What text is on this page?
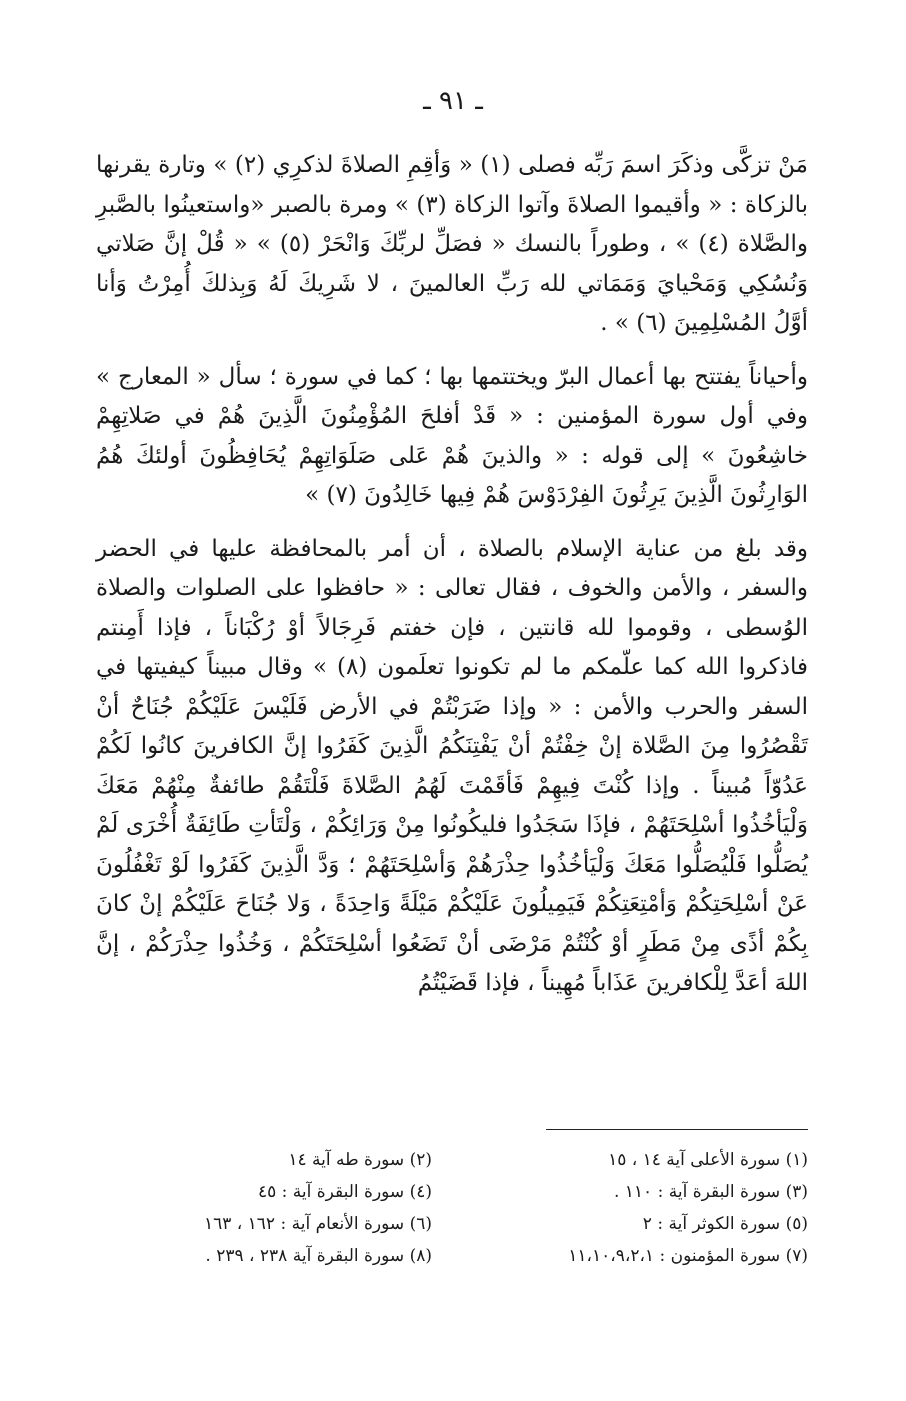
ـ ٩١ ـ

مَنْ تزكَّى وذكَرَ اسمَ رَبِّه فصلى (١) « وَأقِمِ الصلاةَ لذكرِي (٢) » وتارة يقرنها بالزكاة : « وأقيموا الصلاةَ وآتوا الزكاة (٣) » ومرة بالصبر «واستعينُوا بالصَّبرِ والصَّلاة (٤) » ، وطوراً بالنسك « فصَلِّ لربِّكَ وَانْحَرْ (٥) » « قُلْ إنَّ صَلاتي وَنُسُكِي وَمَحْيايَ وَمَمَاتي لله رَبِّ العالمينَ ، لا شَرِيكَ لَهُ وَبِذلكَ أُمِرْتُ وَأنا أوَّلُ المُسْلِمِينَ (٦) » .

وأحياناً يفتتح بها أعمال البرّ ويختتمها بها ؛ كما في سورة ؛ سأل « المعارج » وفي أول سورة المؤمنين : « قَدْ أفلحَ المُؤْمِنُونَ الَّذِينَ هُمْ في صَلاتِهِمْ خاشِعُونَ » إلى قوله : « والذينَ هُمْ عَلى صَلَوَاتِهِمْ يُحَافِظُونَ أولئكَ هُمُ الوَارِثُونَ الَّذِينَ يَرِثُونَ الفِرْدَوْسَ هُمْ فِيها خَالِدُونَ (٧) »

وقد بلغ من عناية الإسلام بالصلاة ، أن أمر بالمحافظة عليها في الحضر والسفر ، والأمن والخوف ، فقال تعالى : « حافظوا على الصلوات والصلاة الوُسطى ، وقوموا لله قانتين ، فإن خفتم فَرِجَالاً أوْ رُكْبَاناً ، فإذا أَمِنتم فاذكروا الله كما علّمكم ما لم تكونوا تعلَمون (٨) » وقال مبيناً كيفيتها في السفر والحرب والأمن : « وإذا ضَرَبْتُمْ في الأرض فَلَيْسَ عَلَيْكُمْ جُنَاحٌ أنْ تَقْصُرُوا مِنَ الصَّلاة إنْ خِفْتُمْ أنْ يَفْتِنَكُمُ الَّذِينَ كَفَرُوا إنَّ الكافرينَ كانُوا لَكُمْ عَدُوّاً مُبيناً . وإذا كُنْتَ فِيهِمْ فَأقَمْتَ لَهُمُ الصَّلاةَ فَلْتَقُمْ طائفةٌ مِنْهُمْ مَعَكَ وَلْيَأخُذُوا أسْلِحَتَهُمْ ، فإذَا سَجَدُوا فليكُونُوا مِنْ وَرَائِكُمْ ، وَلْتَأتِ طَائِفَةٌ أُخْرَى لَمْ يُصَلُّوا فَلْيُصَلُّوا مَعَكَ وَلْيَأخُذُوا حِذْرَهُمْ وَأسْلِحَتَهُمْ ؛ وَدَّ الَّذِينَ كَفَرُوا لَوْ تَغْفُلُونَ عَنْ أسْلِحَتِكُمْ وَأمْتِعَتِكُمْ فَيَمِيلُونَ عَلَيْكُمْ مَيْلَةً وَاحِدَةً ، وَلا جُنَاحَ عَلَيْكُمْ إنْ كانَ بِكُمْ أذًى مِنْ مَطَرٍ أوْ كُنْتُمْ مَرْضَى أنْ تَضَعُوا أسْلِحَتَكُمْ ، وَخُذُوا حِذْرَكُمْ ، إنَّ اللهَ أعَدَّ لِلْكافرينَ عَذَاباً مُهِيناً ، فإذا قَضَيْتُمُ

(١) سورة الأعلى آية ١٤ ، ١٥
(٢) سورة طه آية ١٤
(٣) سورة البقرة آية : ١١٠ .
(٤) سورة البقرة آية : ٤٥
(٥) سورة الكوثر آية : ٢
(٦) سورة الأنعام آية : ١٦٢ ، ١٦٣
(٧) سورة المؤمنون : ١١،١٠،٩،٢،١
(٨) سورة البقرة آية ٢٣٨ ، ٢٣٩ .
